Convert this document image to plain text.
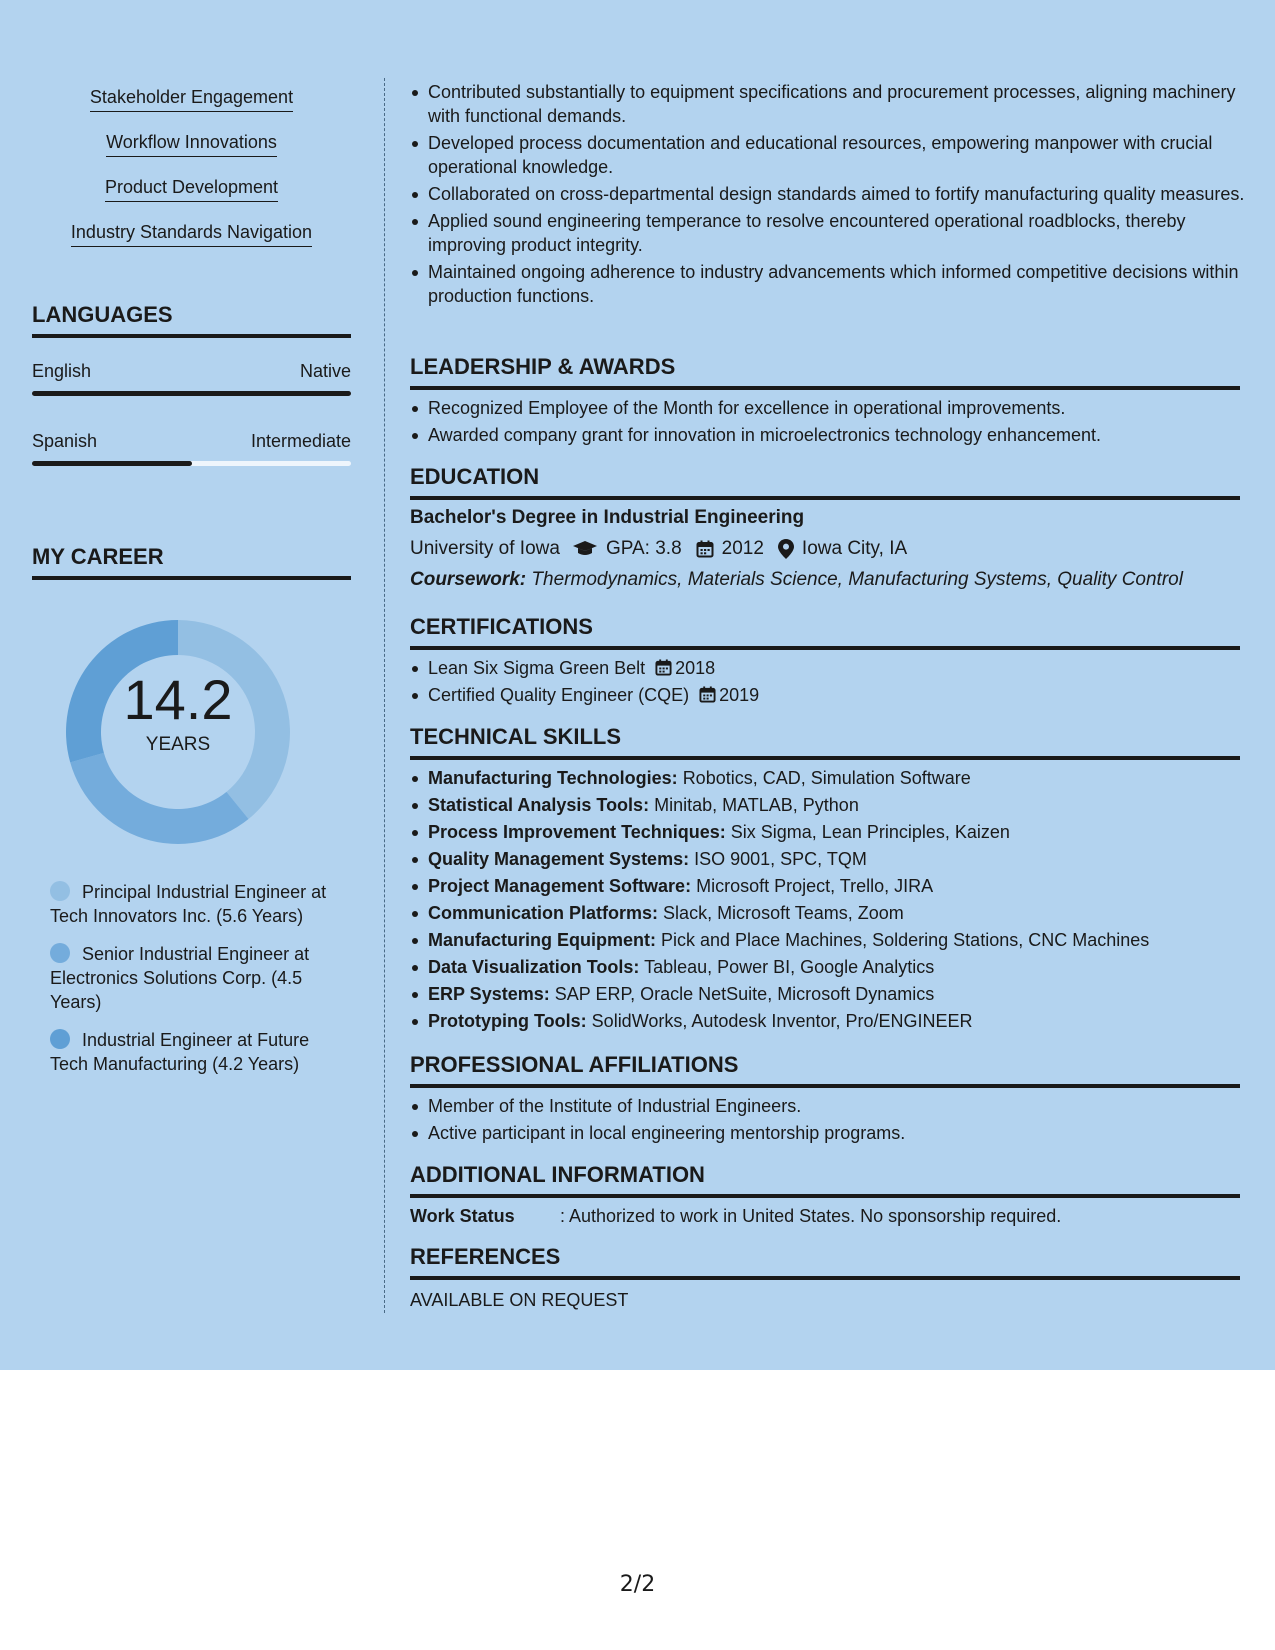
Stakeholder Engagement
Workflow Innovations
Product Development
Industry Standards Navigation
LANGUAGES
English	Native
Spanish	Intermediate
MY CAREER
14.2
YEARS
Principal Industrial Engineer at Tech Innovators Inc. (5.6 Years)
Senior Industrial Engineer at Electronics Solutions Corp. (4.5 Years)
Industrial Engineer at Future Tech Manufacturing (4.2 Years)
Contributed substantially to equipment specifications and procurement processes, aligning machinery with functional demands.
Developed process documentation and educational resources, empowering manpower with crucial operational knowledge.
Collaborated on cross-departmental design standards aimed to fortify manufacturing quality measures.
Applied sound engineering temperance to resolve encountered operational roadblocks, thereby improving product integrity.
Maintained ongoing adherence to industry advancements which informed competitive decisions within production functions.
LEADERSHIP & AWARDS
Recognized Employee of the Month for excellence in operational improvements.
Awarded company grant for innovation in microelectronics technology enhancement.
EDUCATION
Bachelor's Degree in Industrial Engineering
University of Iowa GPA: 3.8 2012 Iowa City, IA
Coursework: Thermodynamics, Materials Science, Manufacturing Systems, Quality Control
CERTIFICATIONS
Lean Six Sigma Green Belt 2018
Certified Quality Engineer (CQE) 2019
TECHNICAL SKILLS
Manufacturing Technologies: Robotics, CAD, Simulation Software
Statistical Analysis Tools: Minitab, MATLAB, Python
Process Improvement Techniques: Six Sigma, Lean Principles, Kaizen
Quality Management Systems: ISO 9001, SPC, TQM
Project Management Software: Microsoft Project, Trello, JIRA
Communication Platforms: Slack, Microsoft Teams, Zoom
Manufacturing Equipment: Pick and Place Machines, Soldering Stations, CNC Machines
Data Visualization Tools: Tableau, Power BI, Google Analytics
ERP Systems: SAP ERP, Oracle NetSuite, Microsoft Dynamics
Prototyping Tools: SolidWorks, Autodesk Inventor, Pro/ENGINEER
PROFESSIONAL AFFILIATIONS
Member of the Institute of Industrial Engineers.
Active participant in local engineering mentorship programs.
ADDITIONAL INFORMATION
Work Status	: Authorized to work in United States. No sponsorship required.
REFERENCES
AVAILABLE ON REQUEST
2/2
